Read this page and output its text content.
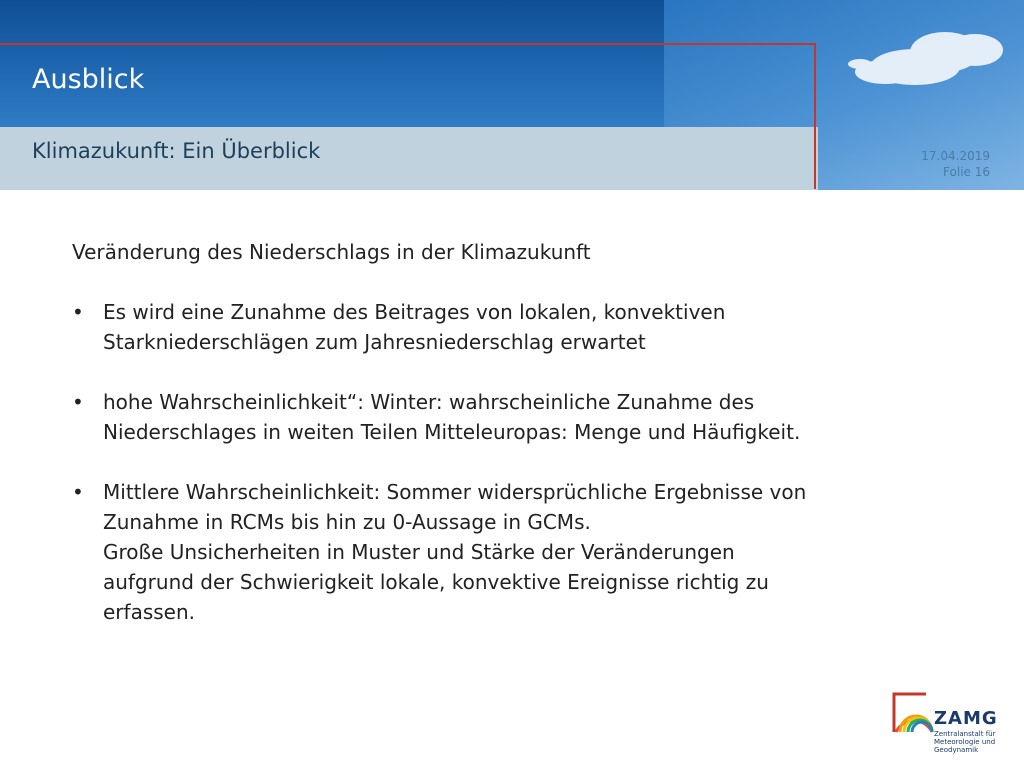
Ausblick
Klimazukunft: Ein Überblick	17.04.2019
Folie 16

Veränderung des Niederschlags in der Klimazukunft

• Es wird eine Zunahme des Beitrages von lokalen, konvektiven

Starkniederschlägen zum Jahresniederschlag erwartet

• hohe Wahrscheinlichkeit“: Winter: wahrscheinliche Zunahme des

Niederschlages in weiten Teilen Mitteleuropas: Menge und Häufigkeit.

• Mittlere Wahrscheinlichkeit: Sommer widersprüchliche Ergebnisse von

Zunahme in RCMs bis hin zu 0-Aussage in GCMs.

Große Unsicherheiten in Muster und Stärke der Veränderungen

aufgrund der Schwierigkeit lokale, konvektive Ereignisse richtig zu

erfassen.

ZAMG
Zentralanstalt für Meteorologie und Geodynamik
